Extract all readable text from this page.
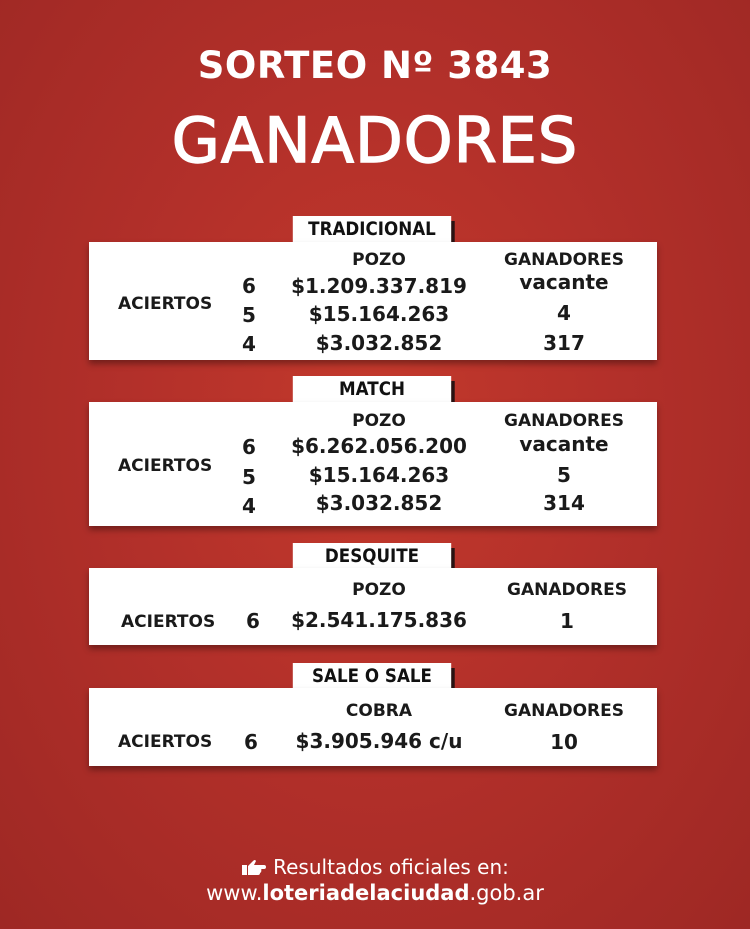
SORTEO Nº 3843
GANADORES
TRADICIONAL
POZO	GANADORES
ACIERTOS
6	$1.209.337.819	vacante
5	$15.164.263	4
4	$3.032.852	317
MATCH
POZO	GANADORES
ACIERTOS
6	$6.262.056.200	vacante
5	$15.164.263	5
4	$3.032.852	314
DESQUITE
POZO	GANADORES
ACIERTOS 6	$2.541.175.836	1
SALE O SALE
COBRA	GANADORES
ACIERTOS 6	$3.905.946 c/u	10
Resultados oficiales en:
www.loteriadelaciudad.gob.ar
